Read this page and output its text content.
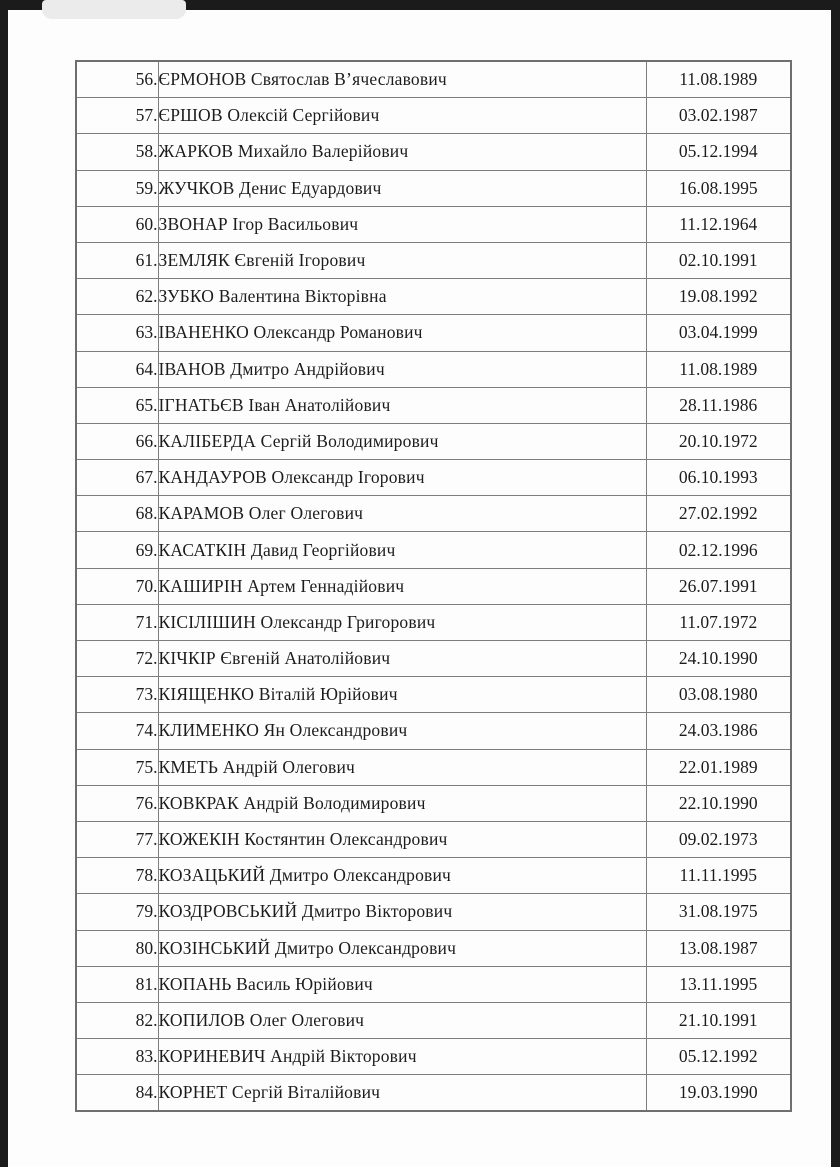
56.	ЄРМОНОВ Святослав В’ячеславович	11.08.1989
57.	ЄРШОВ Олексій Сергійович	03.02.1987
58.	ЖАРКОВ Михайло Валерійович	05.12.1994
59.	ЖУЧКОВ Денис Едуардович	16.08.1995
60.	ЗВОНАР Ігор Васильович	11.12.1964
61.	ЗЕМЛЯК Євгеній Ігорович	02.10.1991
62.	ЗУБКО Валентина Вікторівна	19.08.1992
63.	ІВАНЕНКО Олександр Романович	03.04.1999
64.	ІВАНОВ Дмитро Андрійович	11.08.1989
65.	ІГНАТЬЄВ Іван Анатолійович	28.11.1986
66.	КАЛІБЕРДА Сергій Володимирович	20.10.1972
67.	КАНДАУРОВ Олександр Ігорович	06.10.1993
68.	КАРАМОВ Олег Олегович	27.02.1992
69.	КАСАТКІН Давид Георгійович	02.12.1996
70.	КАШИРІН Артем Геннадійович	26.07.1991
71.	КІСІЛІШИН Олександр Григорович	11.07.1972
72.	КІЧКІР Євгеній Анатолійович	24.10.1990
73.	КІЯЩЕНКО Віталій Юрійович	03.08.1980
74.	КЛИМЕНКО Ян Олександрович	24.03.1986
75.	КМЕТЬ Андрій Олегович	22.01.1989
76.	КОВКРАК Андрій Володимирович	22.10.1990
77.	КОЖЕКІН Костянтин Олександрович	09.02.1973
78.	КОЗАЦЬКИЙ Дмитро Олександрович	11.11.1995
79.	КОЗДРОВСЬКИЙ Дмитро Вікторович	31.08.1975
80.	КОЗІНСЬКИЙ Дмитро Олександрович	13.08.1987
81.	КОПАНЬ Василь Юрійович	13.11.1995
82.	КОПИЛОВ Олег Олегович	21.10.1991
83.	КОРИНЕВИЧ Андрій Вікторович	05.12.1992
84.	КОРНЕТ Сергій Віталійович	19.03.1990
